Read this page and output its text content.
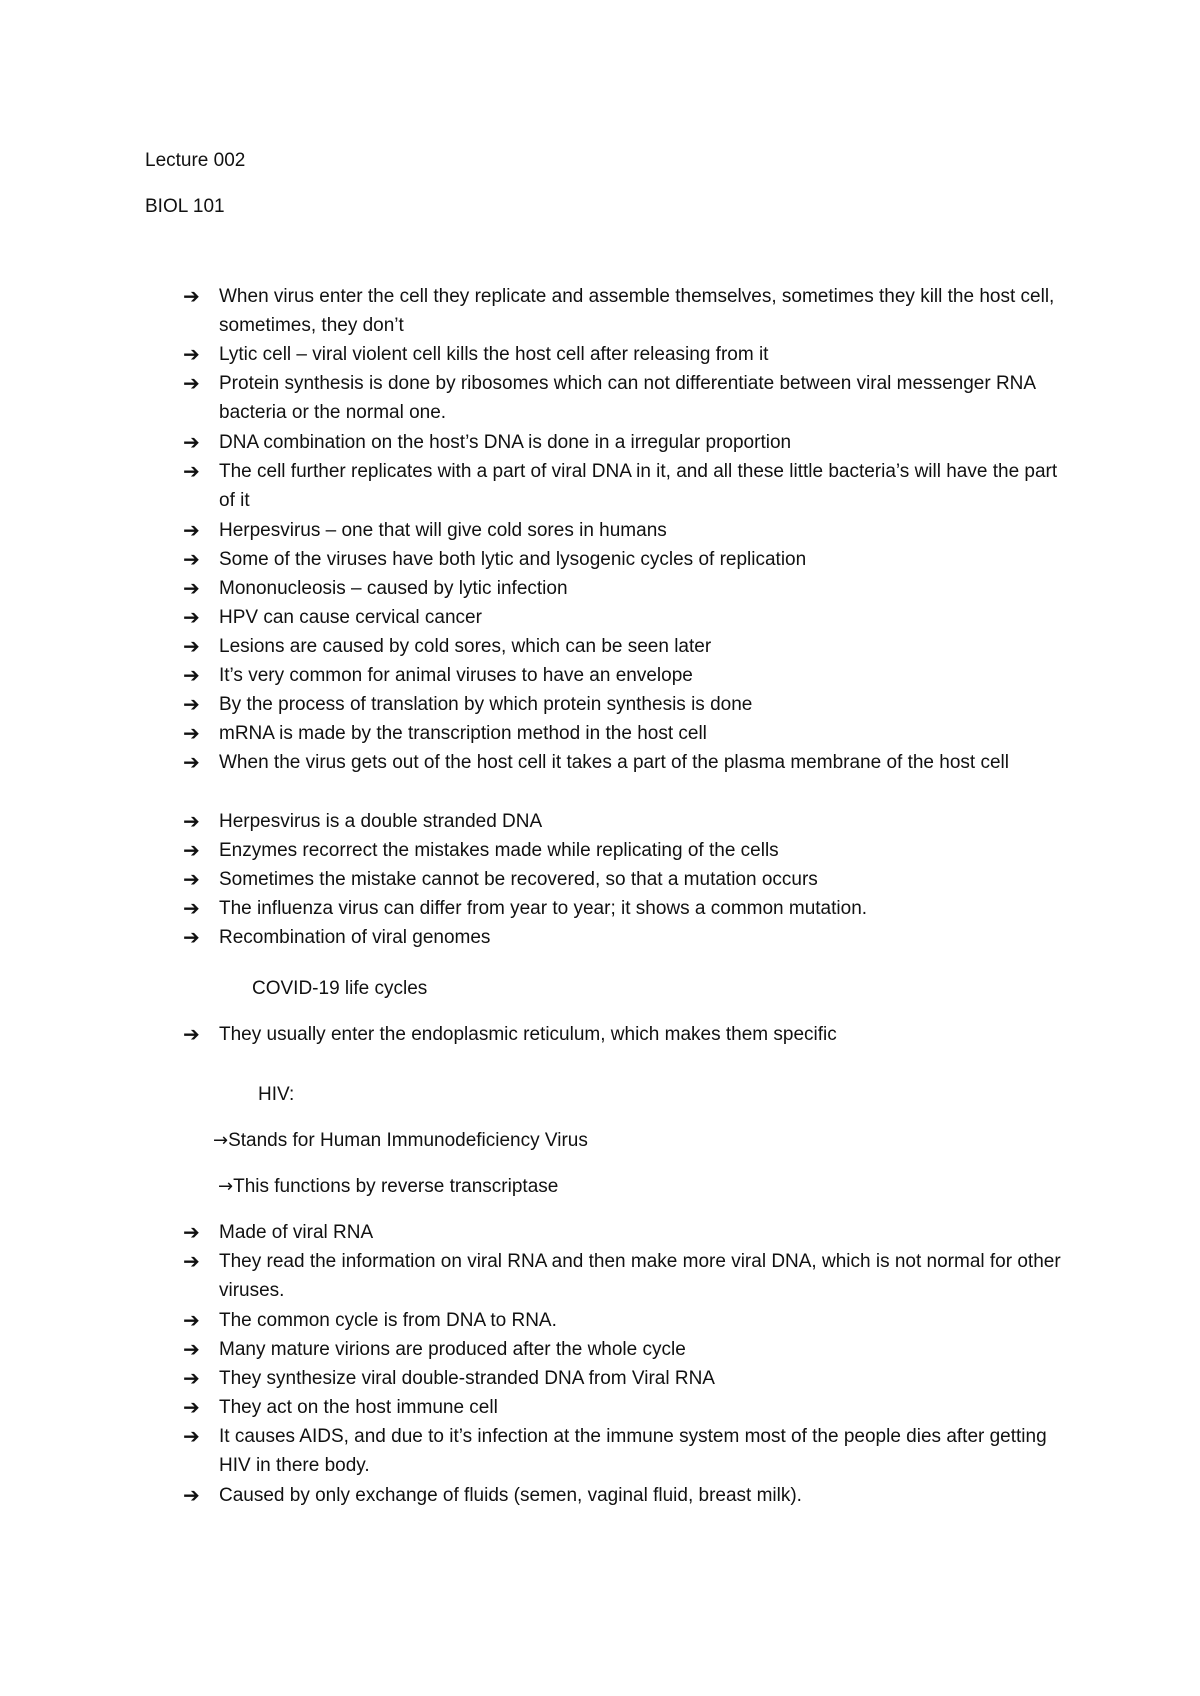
Lecture 002
BIOL 101
➔	When virus enter the cell they replicate and assemble themselves, sometimes they kill the host cell, sometimes, they don’t
➔	Lytic cell – viral violent cell kills the host cell after releasing from it
➔	Protein synthesis is done by ribosomes which can not differentiate between viral messenger RNA bacteria or the normal one.
➔	DNA combination on the host’s DNA is done in a irregular proportion
➔	The cell further replicates with a part of viral DNA in it, and all these little bacteria’s will have the part of it
➔	Herpesvirus – one that will give cold sores in humans
➔	Some of the viruses have both lytic and lysogenic cycles of replication
➔	Mononucleosis – caused by lytic infection
➔	HPV can cause cervical cancer
➔	Lesions are caused by cold sores, which can be seen later
➔	It’s very common for animal viruses to have an envelope
➔	By the process of translation by which protein synthesis is done
➔	mRNA is made by the transcription method in the host cell
➔	When the virus gets out of the host cell it takes a part of the plasma membrane of the host cell
➔	Herpesvirus is a double stranded DNA
➔	Enzymes recorrect the mistakes made while replicating of the cells
➔	Sometimes the mistake cannot be recovered, so that a mutation occurs
➔	The influenza virus can differ from year to year; it shows a common mutation.
➔	Recombination of viral genomes
COVID-19 life cycles
➔	They usually enter the endoplasmic reticulum, which makes them specific
HIV:
→Stands for Human Immunodeficiency Virus
→This functions by reverse transcriptase
➔	Made of viral RNA
➔	They read the information on viral RNA and then make more viral DNA, which is not normal for other viruses.
➔	The common cycle is from DNA to RNA.
➔	Many mature virions are produced after the whole cycle
➔	They synthesize viral double-stranded DNA from Viral RNA
➔	They act on the host immune cell
➔	It causes AIDS, and due to it’s infection at the immune system most of the people dies after getting HIV in there body.
➔	Caused by only exchange of fluids (semen, vaginal fluid, breast milk).
